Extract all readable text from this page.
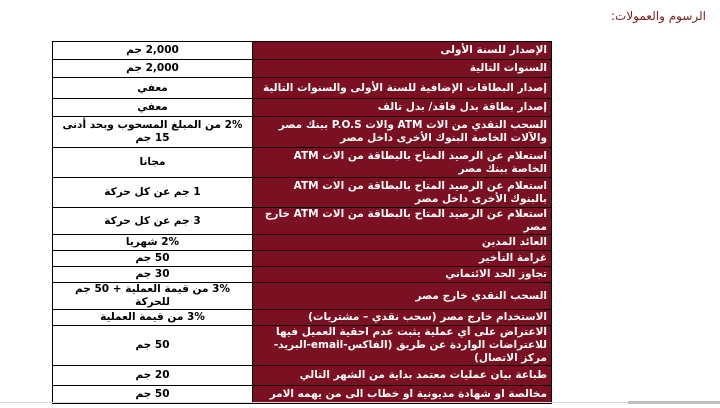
الرسوم والعمولات:
الإصدار للسنة الأولى	2,000 جم
السنوات التالية	2,000 جم
إصدار البطاقات الإضافية للسنة الأولى والسنوات التالية	معفي
إصدار بطاقة بدل فاقد/ بدل تالف	معفي
السحب النقدي من الات ATM والات P.O.S ببنك مصر والآلات الخاصة البنوك الأخرى داخل مصر	2% من المبلغ المسحوب وبحد أدنى 15 جم
استعلام عن الرصيد المتاح بالبطاقة من الات ATM الخاصة ببنك مصر	مجانا
استعلام عن الرصيد المتاح بالبطاقة من الات ATM بالبنوك الأخرى داخل مصر	1 جم عن كل حركة
استعلام عن الرصيد المتاح بالبطاقة من الات ATM خارج مصر	3 جم عن كل حركة
العائد المدين	2% شهريا
غرامة التأخير	50 جم
تجاوز الحد الائتماني	30 جم
السحب النقدي خارج مصر	3% من قيمة العملية + 50 جم للحركة
الاستخدام خارج مصر (سحب نقدي – مشتريات)	3% من قيمة العملية
الاعتراض على أي عملية يثبت عدم احقية العميل فيها للاعتراضات الواردة عن طريق (الفاكس-email-البريد-مركز الاتصال)	50 جم
طباعة بيان عمليات معتمد بداية من الشهر التالي	20 جم
مخالصة او شهادة مديونية او خطاب الى من يهمه الامر	50 جم
